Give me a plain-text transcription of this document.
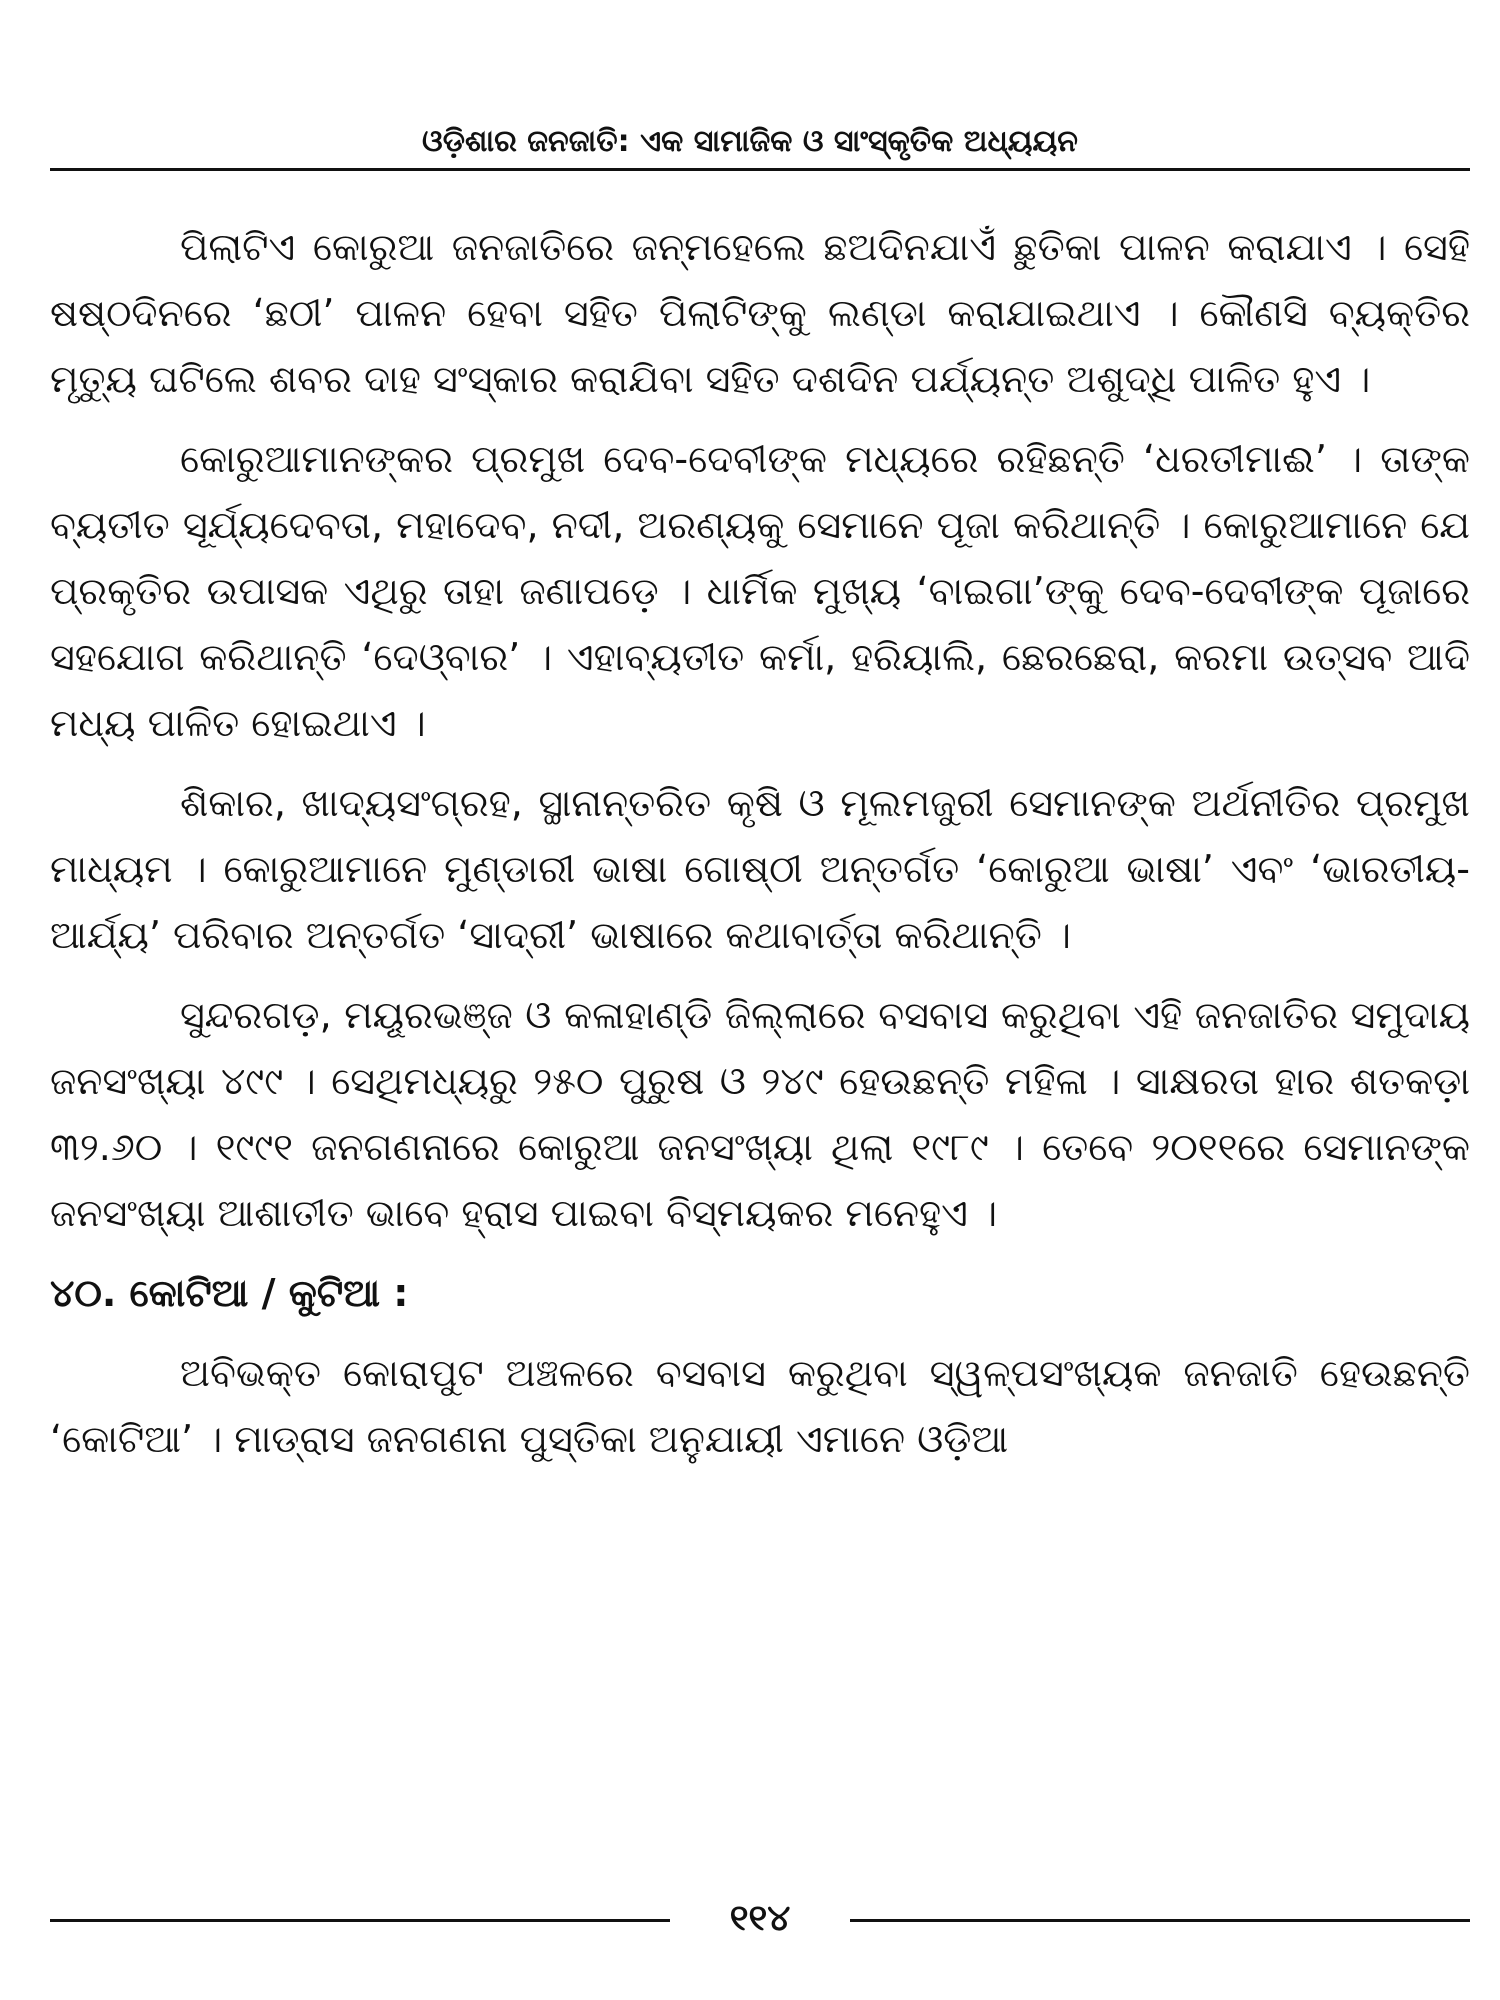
ଓଡ଼ିଶାର ଜନଜାତି: ଏକ ସାମାଜିକ ଓ ସାଂସ୍କୃତିକ ଅଧ୍ୟୟନ

ପିଲାଟିଏ କୋରୁଆ ଜନଜାତିରେ ଜନ୍ମହେଲେ ଛଅଦିନଯାଏଁ ଛୁତିକା ପାଳନ କରାଯାଏ । ସେହି ଷଷ୍ଠଦିନରେ ‘ଛଠୀ’ ପାଳନ ହେବା ସହିତ ପିଲାଟିଙ୍କୁ ଲଣ୍ଡା କରାଯାଇଥାଏ । କୌଣସି ବ୍ୟକ୍ତିର ମୃତ୍ୟୁ ଘଟିଲେ ଶବର ଦାହ ସଂସ୍କାର କରାଯିବା ସହିତ ଦଶଦିନ ପର୍ଯ୍ୟନ୍ତ ଅଶୁଦ୍ଧି ପାଳିତ ହୁଏ ।

କୋରୁଆମାନଙ୍କର ପ୍ରମୁଖ ଦେବ-ଦେବୀଙ୍କ ମଧ୍ୟରେ ରହିଛନ୍ତି ‘ଧରତୀମାଈ’ । ତାଙ୍କ ବ୍ୟତୀତ ସୂର୍ଯ୍ୟଦେବତା, ମହାଦେବ, ନଦୀ, ଅରଣ୍ୟକୁ ସେମାନେ ପୂଜା କରିଥାନ୍ତି । କୋରୁଆମାନେ ଯେ ପ୍ରକୃତିର ଉପାସକ ଏଥିରୁ ତାହା ଜଣାପଡ଼େ । ଧାର୍ମିକ ମୁଖ୍ୟ ‘ବାଇଗା’ଙ୍କୁ ଦେବ-ଦେବୀଙ୍କ ପୂଜାରେ ସହଯୋଗ କରିଥାନ୍ତି ‘ଦେଓ୍ବାର’ । ଏହାବ୍ୟତୀତ କର୍ମା, ହରିୟାଲି, ଛେରଛେରା, କରମା ଉତ୍ସବ ଆଦି ମଧ୍ୟ ପାଳିତ ହୋଇଥାଏ ।

ଶିକାର, ଖାଦ୍ୟସଂଗ୍ରହ, ସ୍ଥାନାନ୍ତରିତ କୃଷି ଓ ମୂଲମଜୁରୀ ସେମାନଙ୍କ ଅର୍ଥନୀତିର ପ୍ରମୁଖ ମାଧ୍ୟମ । କୋରୁଆମାନେ ମୁଣ୍ଡାରୀ ଭାଷା ଗୋଷ୍ଠୀ ଅନ୍ତର୍ଗତ ‘କୋରୁଆ ଭାଷା’ ଏବଂ ‘ଭାରତୀୟ-ଆର୍ଯ୍ୟ’ ପରିବାର ଅନ୍ତର୍ଗତ ‘ସାଦ୍ରୀ’ ଭାଷାରେ କଥାବାର୍ତ୍ତା କରିଥାନ୍ତି ।

ସୁନ୍ଦରଗଡ଼, ମୟୂରଭଞ୍ଜ ଓ କଳାହାଣ୍ଡି ଜିଲ୍ଲାରେ ବସବାସ କରୁଥିବା ଏହି ଜନଜାତିର ସମୁଦାୟ ଜନସଂଖ୍ୟା ୪୯୯ । ସେଥିମଧ୍ୟରୁ ୨୫୦ ପୁରୁଷ ଓ ୨୪୯ ହେଉଛନ୍ତି ମହିଳା । ସାକ୍ଷରତା ହାର ଶତକଡ଼ା ୩୨.୬୦ । ୧୯୯୧ ଜନଗଣନାରେ କୋରୁଆ ଜନସଂଖ୍ୟା ଥିଲା ୧୯୮୯ । ତେବେ ୨୦୧୧ରେ ସେମାନଙ୍କ ଜନସଂଖ୍ୟା ଆଶାତୀତ ଭାବେ ହ୍ରାସ ପାଇବା ବିସ୍ମୟକର ମନେହୁଏ ।

୪୦. କୋଟିଆ / କୁଟିଆ :

ଅବିଭକ୍ତ କୋରାପୁଟ ଅଞ୍ଚଳରେ ବସବାସ କରୁଥିବା ସ୍ୱଳ୍ପସଂଖ୍ୟକ ଜନଜାତି ହେଉଛନ୍ତି ‘କୋଟିଆ’ । ମାଡ୍ରାସ ଜନଗଣନା ପୁସ୍ତିକା ଅନୁଯାୟୀ ଏମାନେ ଓଡ଼ିଆ

୧୧୪
